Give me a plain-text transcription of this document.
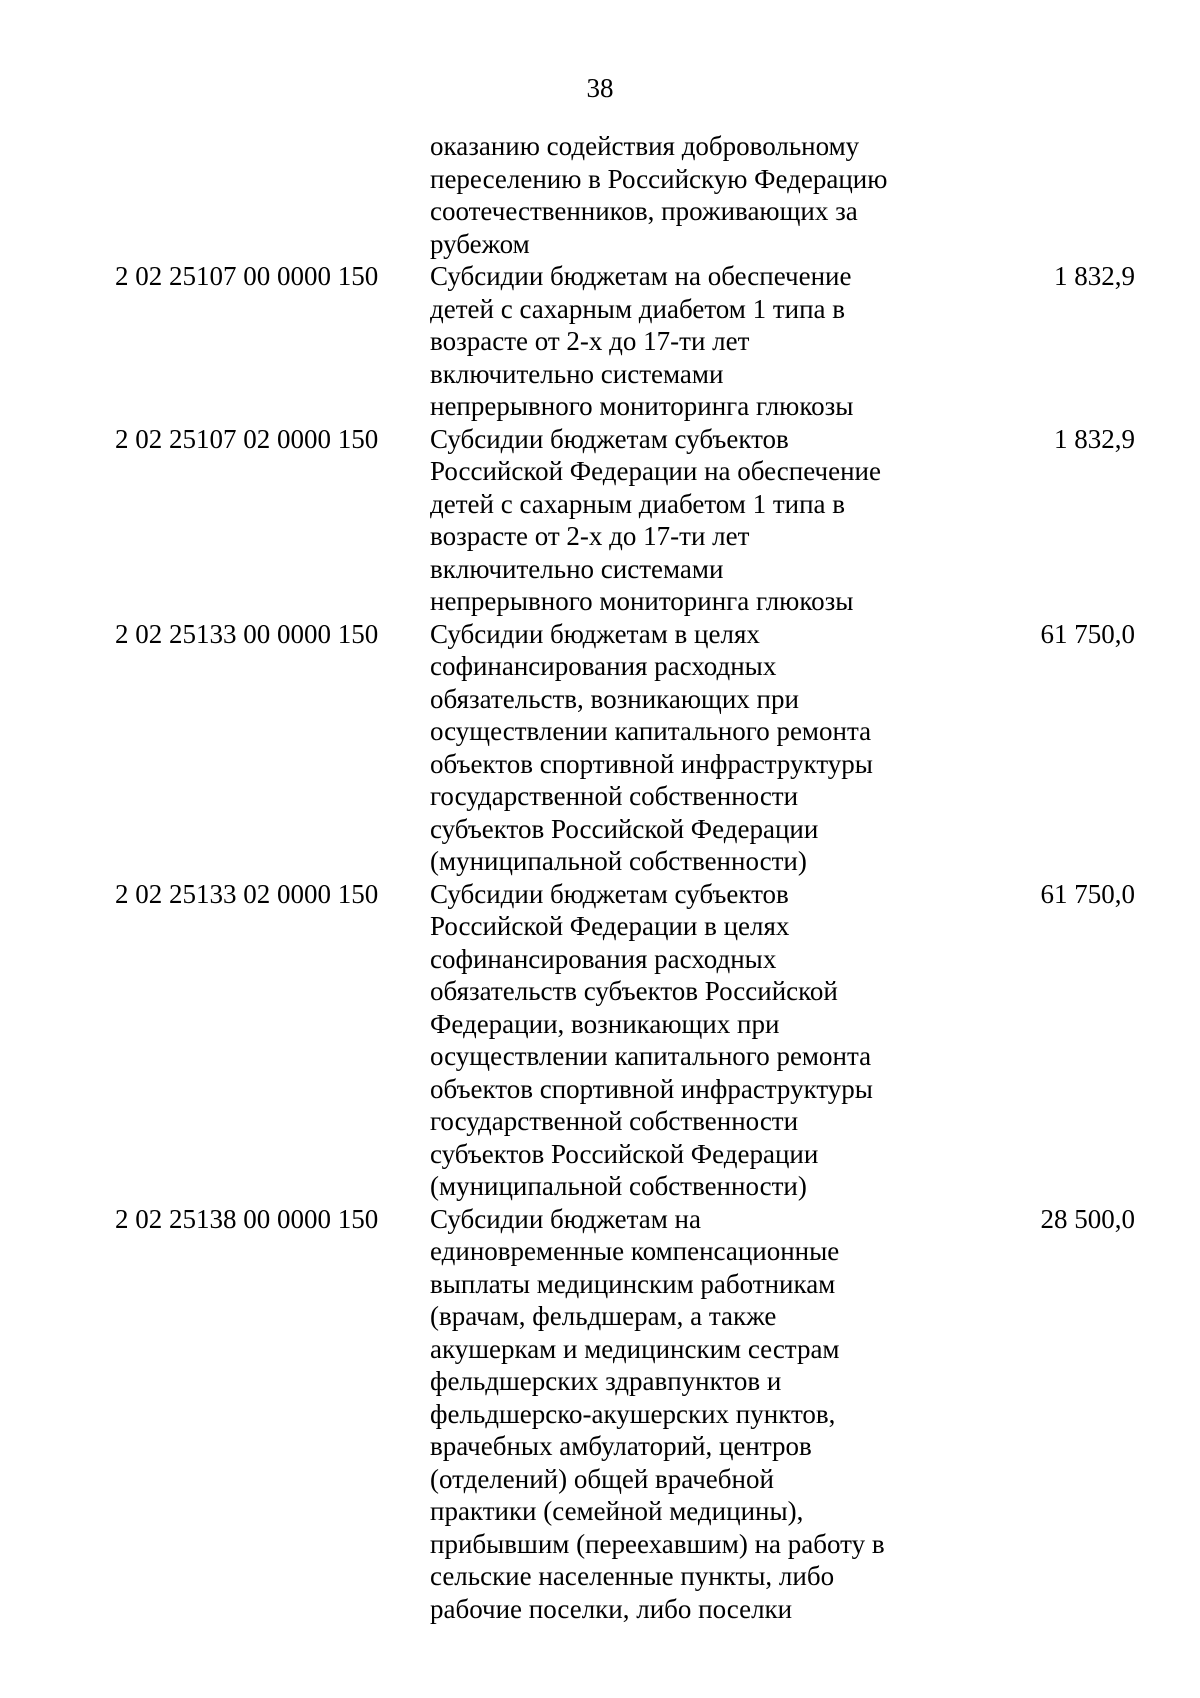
38
оказанию содействия добровольному
переселению в Российскую Федерацию
соотечественников, проживающих за
рубежом
2 02 25107 00 0000 150	Субсидии бюджетам на обеспечение
детей с сахарным диабетом 1 типа в
возрасте от 2-х до 17-ти лет
включительно системами
непрерывного мониторинга глюкозы
1 832,9
2 02 25107 02 0000 150	Субсидии бюджетам субъектов
Российской Федерации на обеспечение
детей с сахарным диабетом 1 типа в
возрасте от 2-х до 17-ти лет
включительно системами
непрерывного мониторинга глюкозы
1 832,9
2 02 25133 00 0000 150	Субсидии бюджетам в целях
софинансирования расходных
обязательств, возникающих при
осуществлении капитального ремонта
объектов спортивной инфраструктуры
государственной собственности
субъектов Российской Федерации
(муниципальной собственности)
61 750,0
2 02 25133 02 0000 150	Субсидии бюджетам субъектов
Российской Федерации в целях
софинансирования расходных
обязательств субъектов Российской
Федерации, возникающих при
осуществлении капитального ремонта
объектов спортивной инфраструктуры
государственной собственности
субъектов Российской Федерации
(муниципальной собственности)
61 750,0
2 02 25138 00 0000 150	Субсидии бюджетам на
единовременные компенсационные
выплаты медицинским работникам
(врачам, фельдшерам, а также
акушеркам и медицинским сестрам
фельдшерских здравпунктов и
фельдшерско-акушерских пунктов,
врачебных амбулаторий, центров
(отделений) общей врачебной
практики (семейной медицины),
прибывшим (переехавшим) на работу в
сельские населенные пункты, либо
рабочие поселки, либо поселки
28 500,0
